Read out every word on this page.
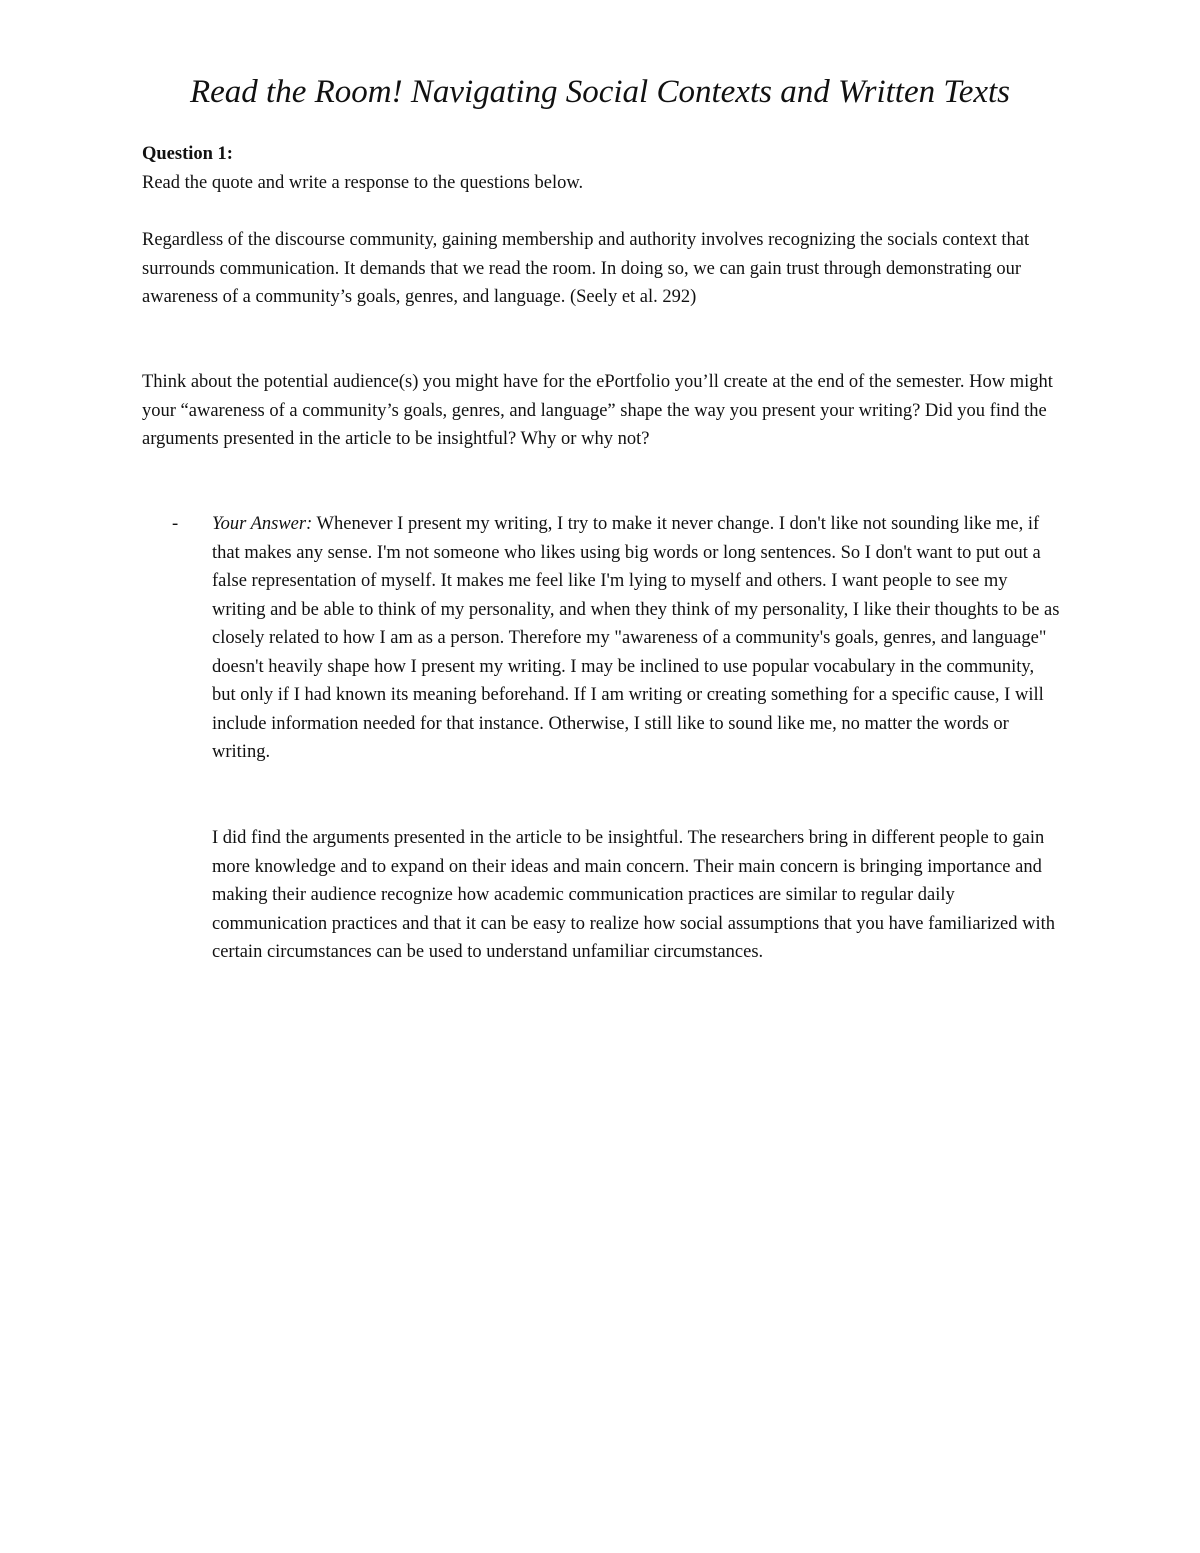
Read the Room! Navigating Social Contexts and Written Texts
Question 1:
Read the quote and write a response to the questions below.
Regardless of the discourse community, gaining membership and authority involves recognizing the socials context that surrounds communication. It demands that we read the room. In doing so, we can gain trust through demonstrating our awareness of a community’s goals, genres, and language. (Seely et al. 292)
Think about the potential audience(s) you might have for the ePortfolio you’ll create at the end of the semester. How might your “awareness of a community’s goals, genres, and language” shape the way you present your writing? Did you find the arguments presented in the article to be insightful? Why or why not?
- Your Answer: Whenever I present my writing, I try to make it never change. I don't like not sounding like me, if that makes any sense. I'm not someone who likes using big words or long sentences. So I don't want to put out a false representation of myself. It makes me feel like I'm lying to myself and others. I want people to see my writing and be able to think of my personality, and when they think of my personality, I like their thoughts to be as closely related to how I am as a person. Therefore my "awareness of a community's goals, genres, and language" doesn't heavily shape how I present my writing. I may be inclined to use popular vocabulary in the community, but only if I had known its meaning beforehand. If I am writing or creating something for a specific cause, I will include information needed for that instance. Otherwise, I still like to sound like me, no matter the words or writing.
I did find the arguments presented in the article to be insightful. The researchers bring in different people to gain more knowledge and to expand on their ideas and main concern. Their main concern is bringing importance and making their audience recognize how academic communication practices are similar to regular daily communication practices and that it can be easy to realize how social assumptions that you have familiarized with certain circumstances can be used to understand unfamiliar circumstances.
